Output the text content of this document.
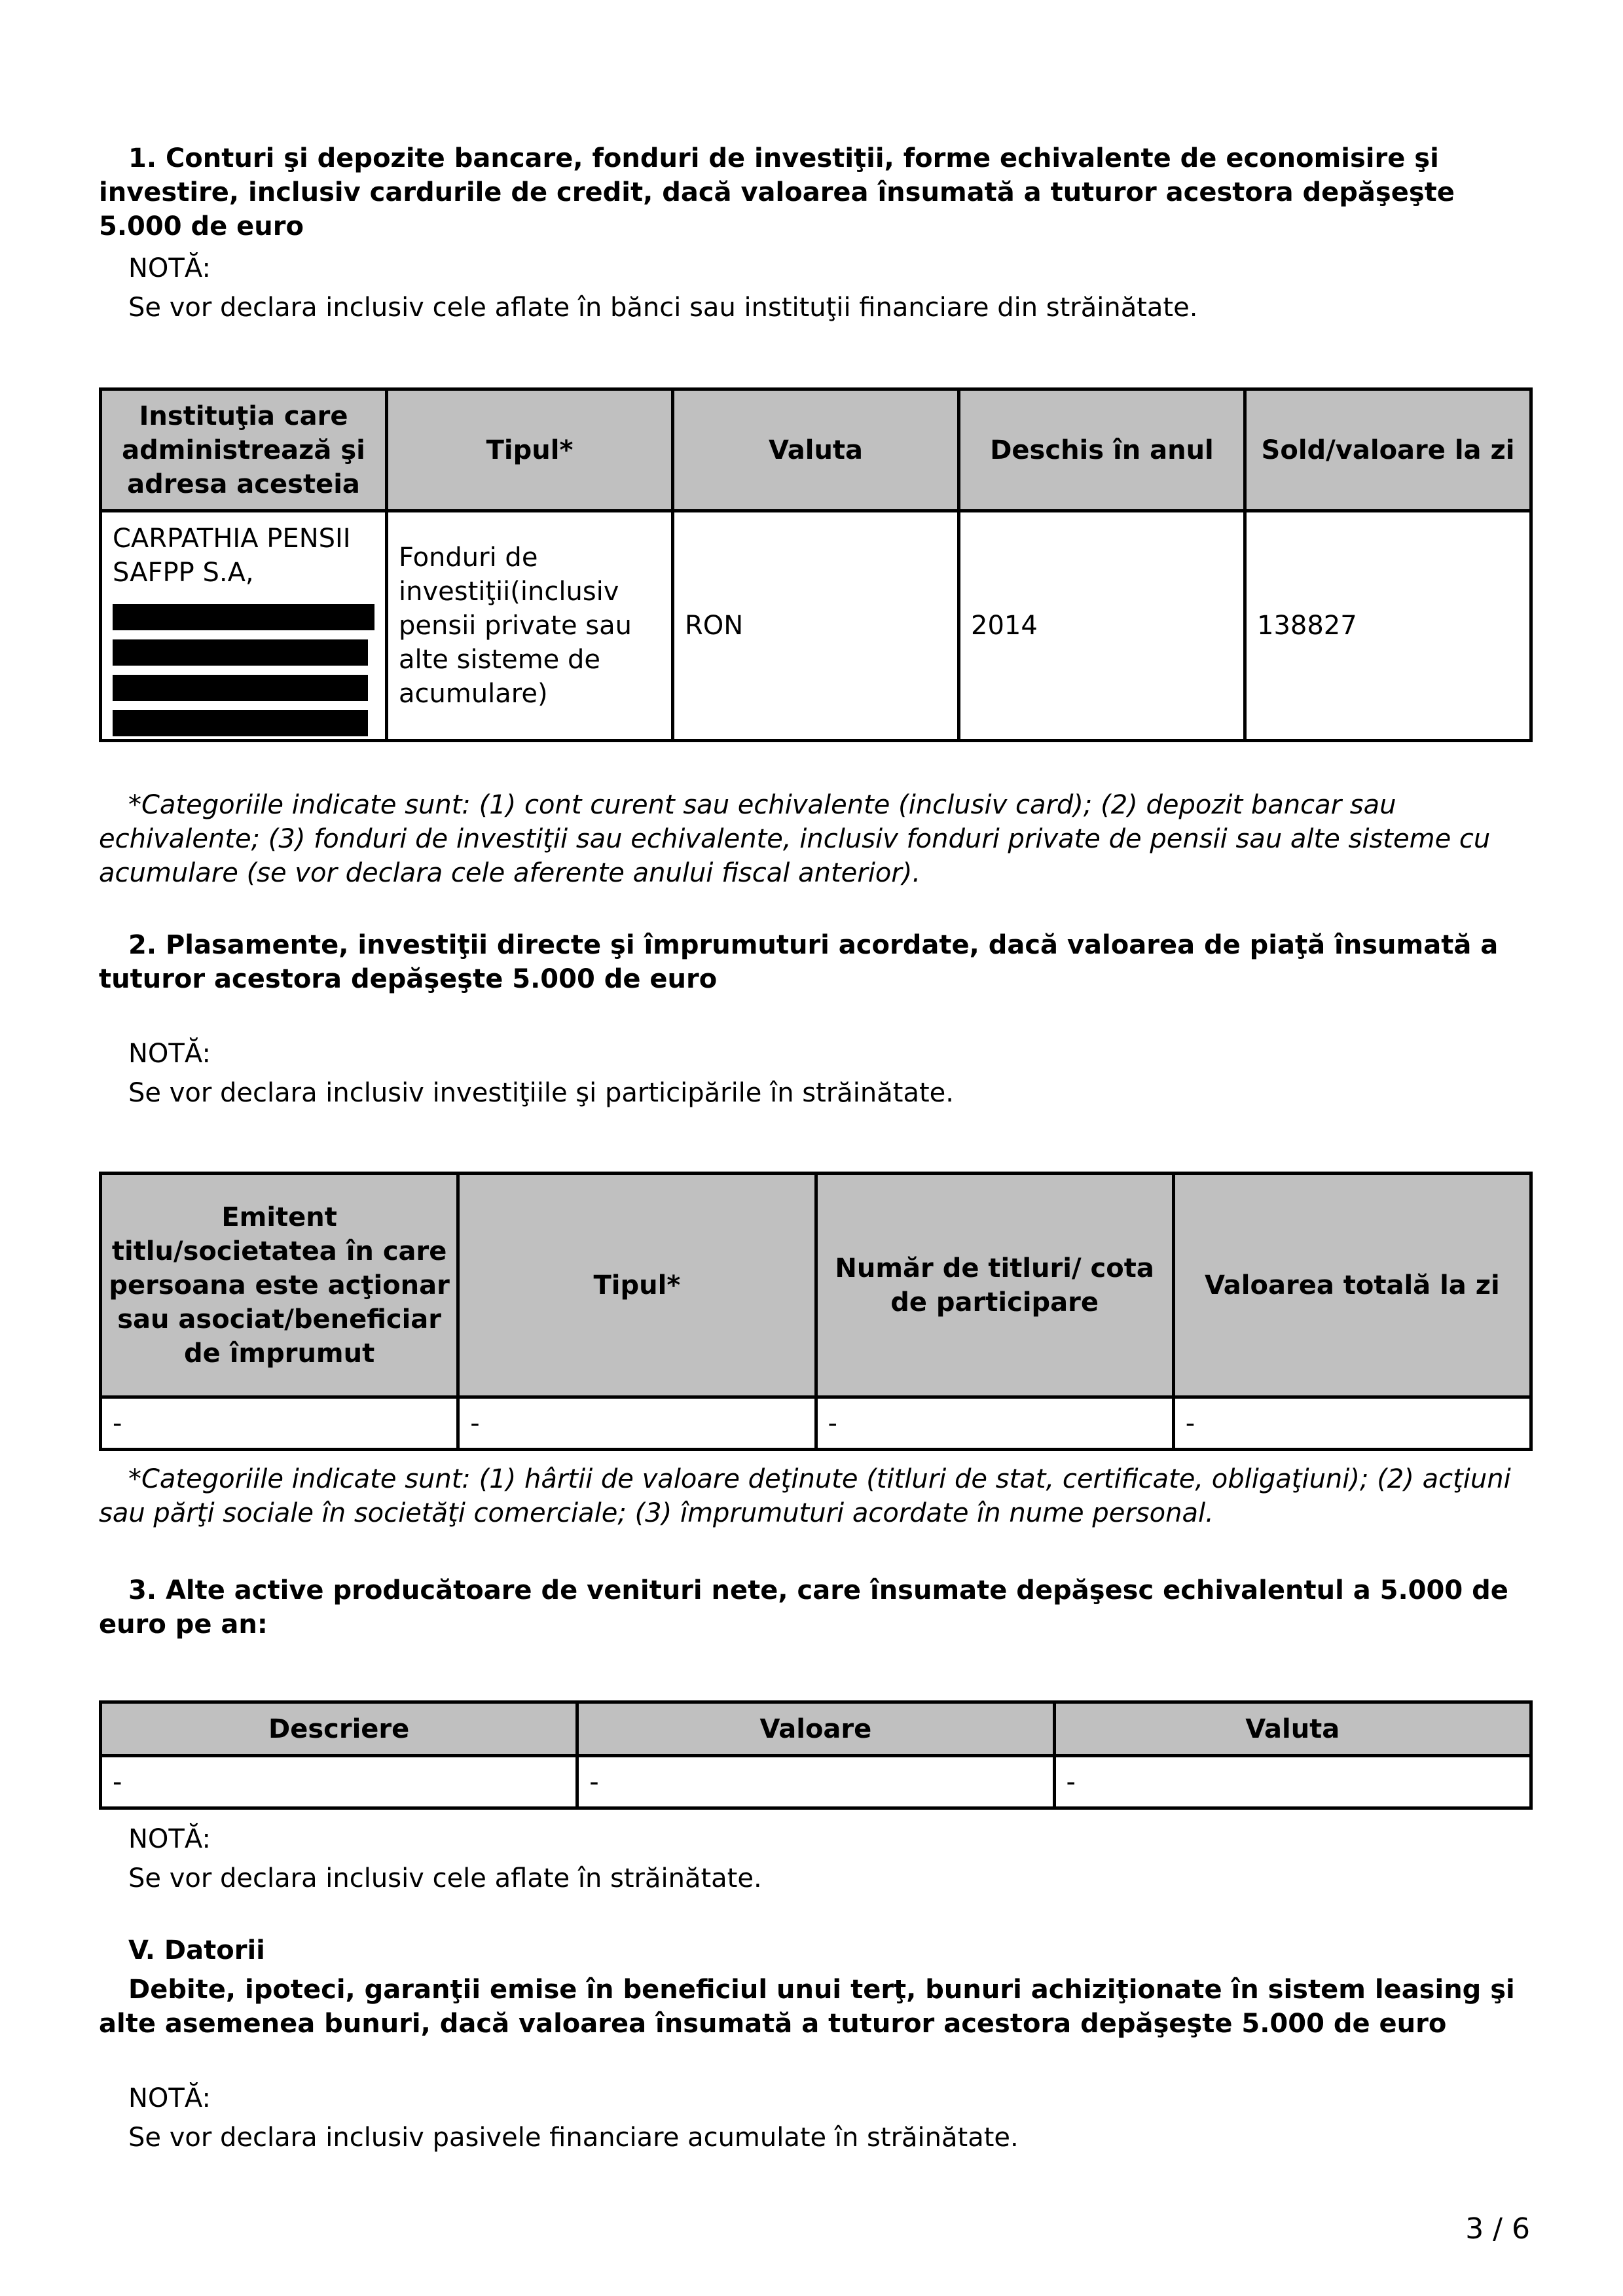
1. Conturi şi depozite bancare, fonduri de investiţii, forme echivalente de economisire şi investire, inclusiv cardurile de credit, dacă valoarea însumată a tuturor acestora depăşeşte 5.000 de euro

NOTĂ:
Se vor declara inclusiv cele aflate în bănci sau instituţii financiare din străinătate.
Instituţia care administrează şi adresa acesteia	Tipul*	Valuta	Deschis în anul	Sold/valoare la zi
CARPATHIA PENSII SAFPP S.A,	Fonduri de investiţii(inclusiv pensii private sau alte sisteme de acumulare)	RON	2014	138827

*Categoriile indicate sunt: (1) cont curent sau echivalente (inclusiv card); (2) depozit bancar sau echivalente; (3) fonduri de investiţii sau echivalente, inclusiv fonduri private de pensii sau alte sisteme cu acumulare (se vor declara cele aferente anului fiscal anterior).

2. Plasamente, investiţii directe şi împrumuturi acordate, dacă valoarea de piaţă însumată a tuturor acestora depăşeşte 5.000 de euro

NOTĂ:
Se vor declara inclusiv investiţiile şi participările în străinătate.
Emitent titlu/societatea în care persoana este acţionar sau asociat/beneficiar de împrumut	Tipul*	Număr de titluri/ cota de participare	Valoarea totală la zi
-	-	-	-

*Categoriile indicate sunt: (1) hârtii de valoare deţinute (titluri de stat, certificate, obligaţiuni); (2) acţiuni sau părţi sociale în societăţi comerciale; (3) împrumuturi acordate în nume personal.

3. Alte active producătoare de venituri nete, care însumate depăşesc echivalentul a 5.000 de euro pe an:

Descriere	Valoare	Valuta
-	-	-
NOTĂ:
Se vor declara inclusiv cele aflate în străinătate.
V. Datorii

Debite, ipoteci, garanţii emise în beneficiul unui terţ, bunuri achiziţionate în sistem leasing şi alte asemenea bunuri, dacă valoarea însumată a tuturor acestora depăşeşte 5.000 de euro

NOTĂ:
Se vor declara inclusiv pasivele financiare acumulate în străinătate.
3 / 6
